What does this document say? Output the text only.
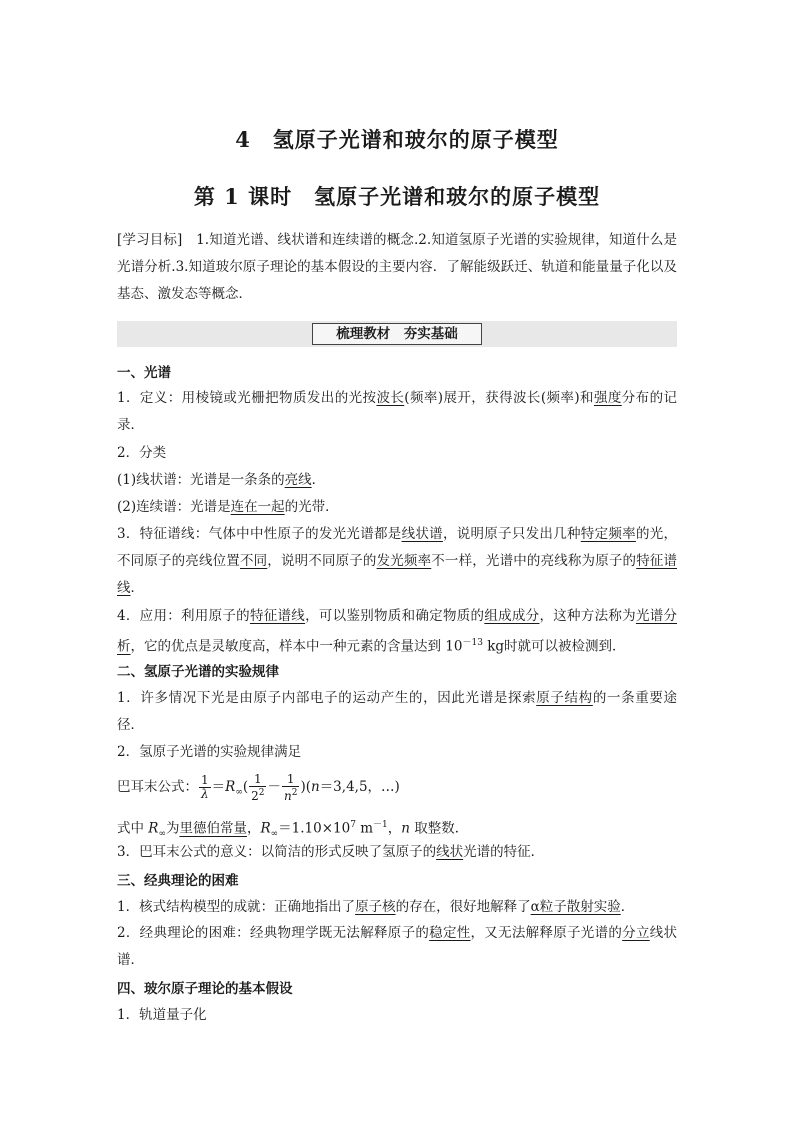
4　氢原子光谱和玻尔的原子模型
第 1 课时　氢原子光谱和玻尔的原子模型
[学习目标]　1.知道光谱、线状谱和连续谱的概念.2.知道氢原子光谱的实验规律，知道什么是光谱分析.3.知道玻尔原子理论的基本假设的主要内容．了解能级跃迁、轨道和能量量子化以及基态、激发态等概念．
梳理教材　夯实基础
一、光谱
1．定义：用棱镜或光栅把物质发出的光按波长(频率)展开，获得波长(频率)和强度分布的记录．
2．分类
(1)线状谱：光谱是一条条的亮线．
(2)连续谱：光谱是连在一起的光带．
3．特征谱线：气体中中性原子的发光光谱都是线状谱，说明原子只发出几种特定频率的光，不同原子的亮线位置不同，说明不同原子的发光频率不一样，光谱中的亮线称为原子的特征谱线．
4．应用：利用原子的特征谱线，可以鉴别物质和确定物质的组成成分，这种方法称为光谱分析，它的优点是灵敏度高，样本中一种元素的含量达到 $10^{-13}$ kg时就可以被检测到．
二、氢原子光谱的实验规律
1．许多情况下光是由原子内部电子的运动产生的，因此光谱是探索原子结构的一条重要途径．
2．氢原子光谱的实验规律满足
巴耳末公式： $\frac{1}{\lambda} =R_\infty( \frac{1}{2^2} - \frac{1}{n^2} )(n=3,4,5$，…)
式中 $R_\infty$为里德伯常量，$R_\infty=1.10\times 10^7$ $m^{-1}$，n 取整数．
3．巴耳末公式的意义：以简洁的形式反映了氢原子的线状光谱的特征．
三、经典理论的困难
1．核式结构模型的成就：正确地指出了原子核的存在，很好地解释了α粒子散射实验．
2．经典理论的困难：经典物理学既无法解释原子的稳定性，又无法解释原子光谱的分立线状谱．
四、玻尔原子理论的基本假设
1．轨道量子化
